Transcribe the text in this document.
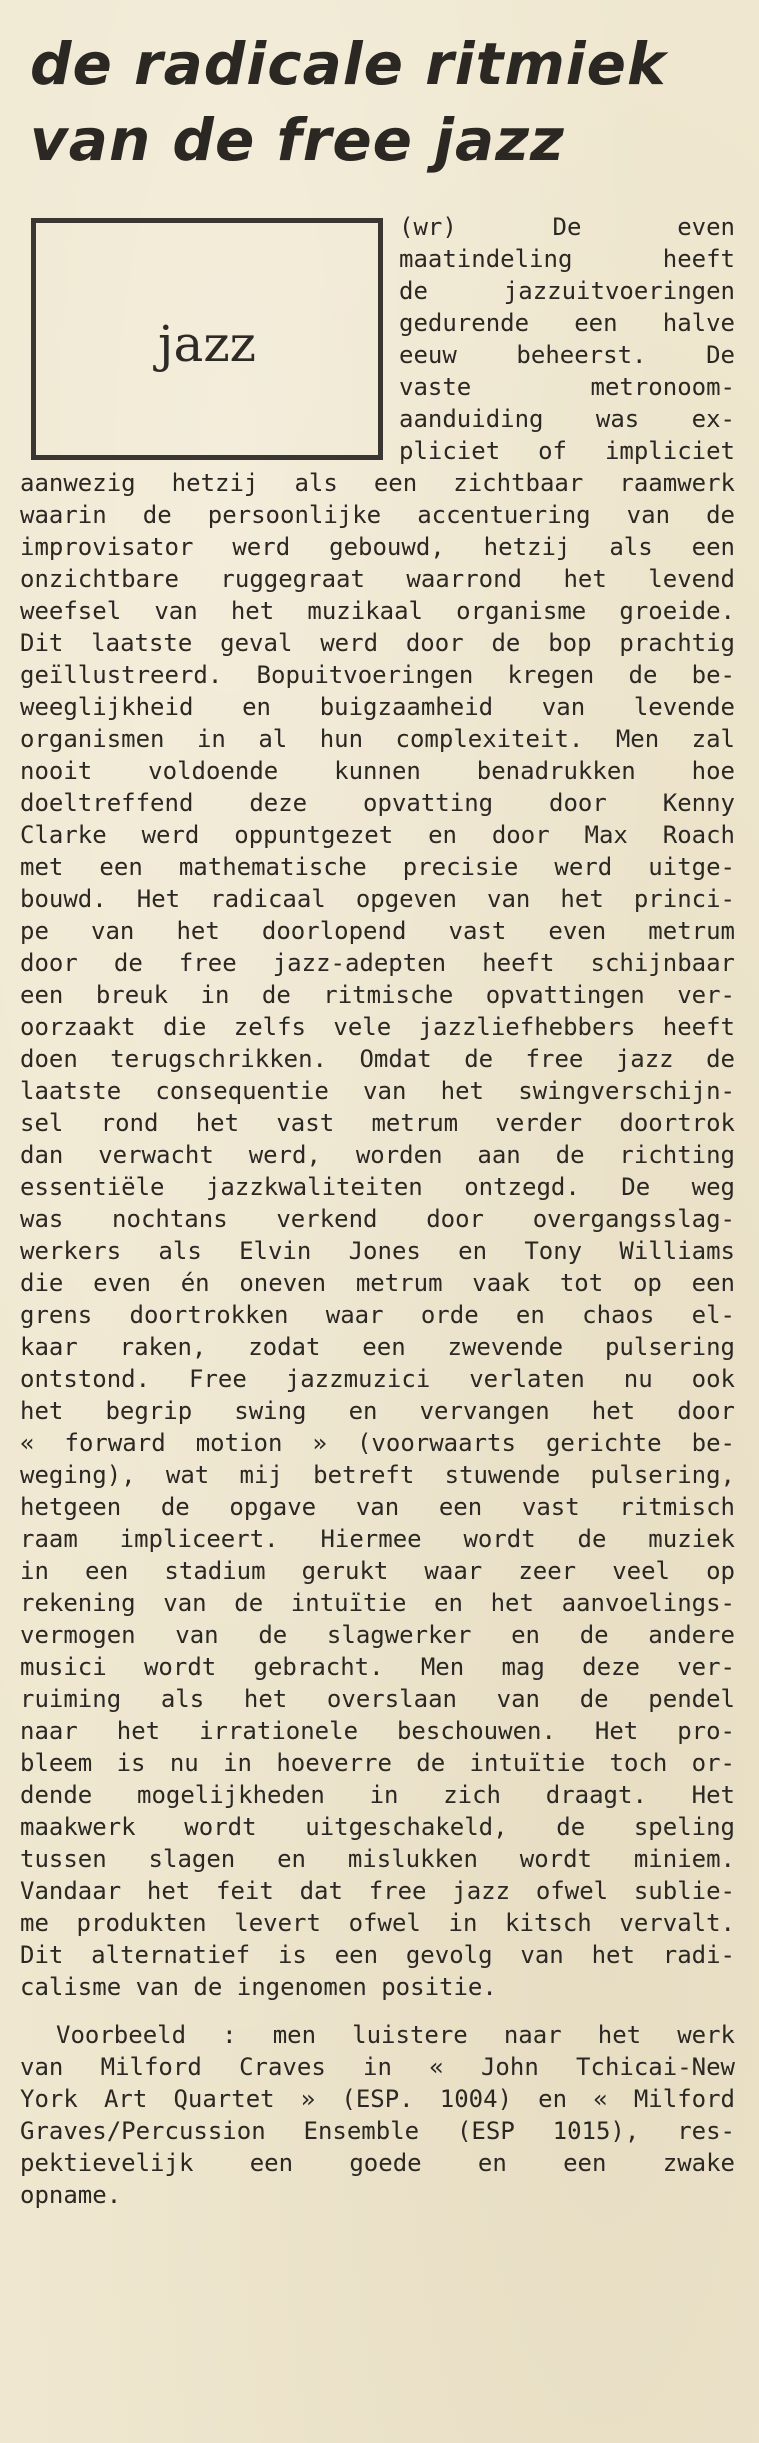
de radicale ritmiek
van de free jazz
jazz
(wr) De even
maatindeling heeft
de jazzuitvoeringen
gedurende een halve
eeuw beheerst. De
vaste metronoom-
aanduiding was ex-
pliciet of impliciet
aanwezig hetzij als een zichtbaar raamwerk
waarin de persoonlijke accentuering van de
improvisator werd gebouwd, hetzij als een
onzichtbare ruggegraat waarrond het levend
weefsel van het muzikaal organisme groeide.
Dit laatste geval werd door de bop prachtig
geïllustreerd. Bopuitvoeringen kregen de be-
weeglijkheid en buigzaamheid van levende
organismen in al hun complexiteit. Men zal
nooit voldoende kunnen benadrukken hoe
doeltreffend deze opvatting door Kenny
Clarke werd oppuntgezet en door Max Roach
met een mathematische precisie werd uitge-
bouwd. Het radicaal opgeven van het princi-
pe van het doorlopend vast even metrum
door de free jazz-adepten heeft schijnbaar
een breuk in de ritmische opvattingen ver-
oorzaakt die zelfs vele jazzliefhebbers heeft
doen terugschrikken. Omdat de free jazz de
laatste consequentie van het swingverschijn-
sel rond het vast metrum verder doortrok
dan verwacht werd, worden aan de richting
essentiële jazzkwaliteiten ontzegd. De weg
was nochtans verkend door overgangsslag-
werkers als Elvin Jones en Tony Williams
die even én oneven metrum vaak tot op een
grens doortrokken waar orde en chaos el-
kaar raken, zodat een zwevende pulsering
ontstond. Free jazzmuzici verlaten nu ook
het begrip swing en vervangen het door
« forward motion » (voorwaarts gerichte be-
weging), wat mij betreft stuwende pulsering,
hetgeen de opgave van een vast ritmisch
raam impliceert. Hiermee wordt de muziek
in een stadium gerukt waar zeer veel op
rekening van de intuïtie en het aanvoelings-
vermogen van de slagwerker en de andere
musici wordt gebracht. Men mag deze ver-
ruiming als het overslaan van de pendel
naar het irrationele beschouwen. Het pro-
bleem is nu in hoeverre de intuïtie toch or-
dende mogelijkheden in zich draagt. Het
maakwerk wordt uitgeschakeld, de speling
tussen slagen en mislukken wordt miniem.
Vandaar het feit dat free jazz ofwel sublie-
me produkten levert ofwel in kitsch vervalt.
Dit alternatief is een gevolg van het radi-
calisme van de ingenomen positie.
Voorbeeld : men luistere naar het werk
van Milford Craves in « John Tchicai-New
York Art Quartet » (ESP. 1004) en « Milford
Graves/Percussion Ensemble (ESP 1015), res-
pektievelijk een goede en een zwake
opname.
